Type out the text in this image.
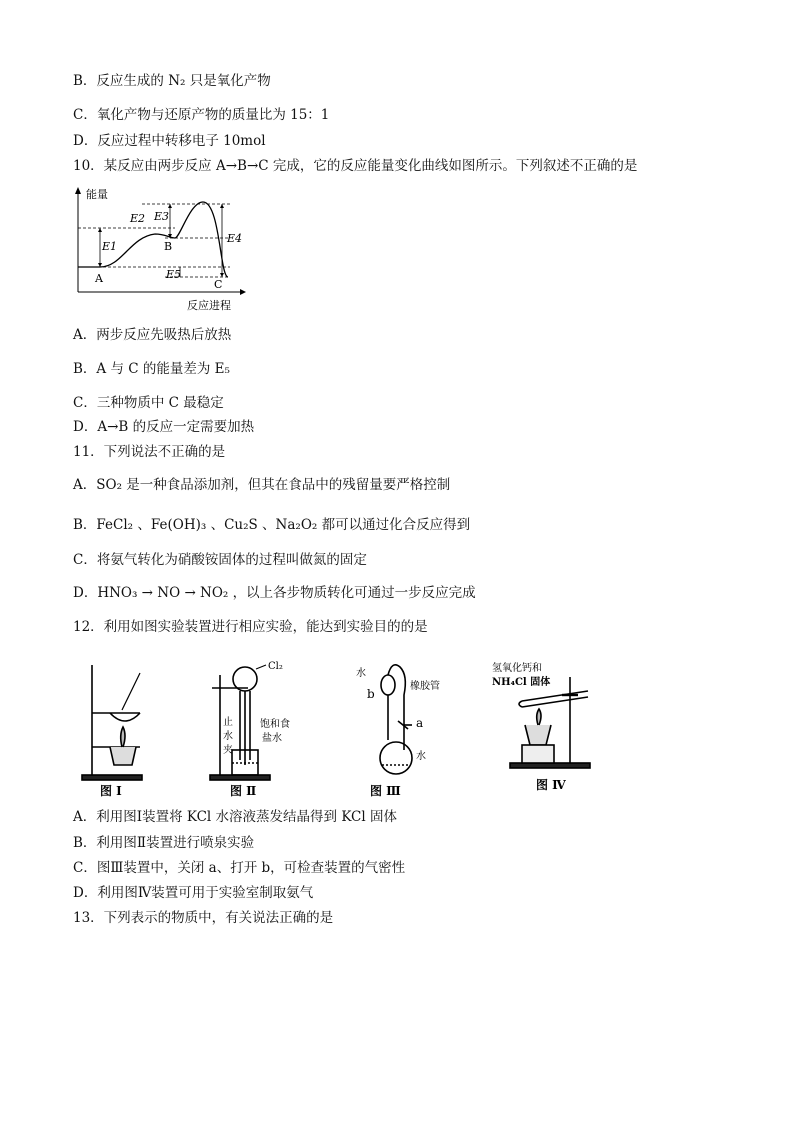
B．反应生成的 N₂ 只是氧化产物
C．氧化产物与还原产物的质量比为 15：1
D．反应过程中转移电子 10mol
10．某反应由两步反应 A→B→C 完成，它的反应能量变化曲线如图所示。下列叙述不正确的是
能量
反应进程
E1
E2 E3
E4
E5
A
B
C
A．两步反应先吸热后放热
B．A 与 C 的能量差为 E₅
C．三种物质中 C 最稳定
D．A→B 的反应一定需要加热
11．下列说法不正确的是
A．SO₂ 是一种食品添加剂，但其在食品中的残留量要严格控制
B．FeCl₂ 、Fe(OH)₃ 、Cu₂S 、Na₂O₂ 都可以通过化合反应得到
C．将氨气转化为硝酸铵固体的过程叫做氮的固定
D．HNO₃ → NO → NO₂ ，以上各步物质转化可通过一步反应完成
12．利用如图实验装置进行相应实验，能达到实验目的的是
图 Ⅰ
Cl₂
止
水
夹
饱和食
盐水
图 Ⅱ
水
b
橡胶管
a
水
图 Ⅲ
氢氧化钙和
NH₄Cl 固体
图 Ⅳ
A．利用图Ⅰ装置将 KCl 水溶液蒸发结晶得到 KCl 固体
B．利用图Ⅱ装置进行喷泉实验
C．图Ⅲ装置中，关闭 a、打开 b，可检查装置的气密性
D．利用图Ⅳ装置可用于实验室制取氨气
13．下列表示的物质中，有关说法正确的是
